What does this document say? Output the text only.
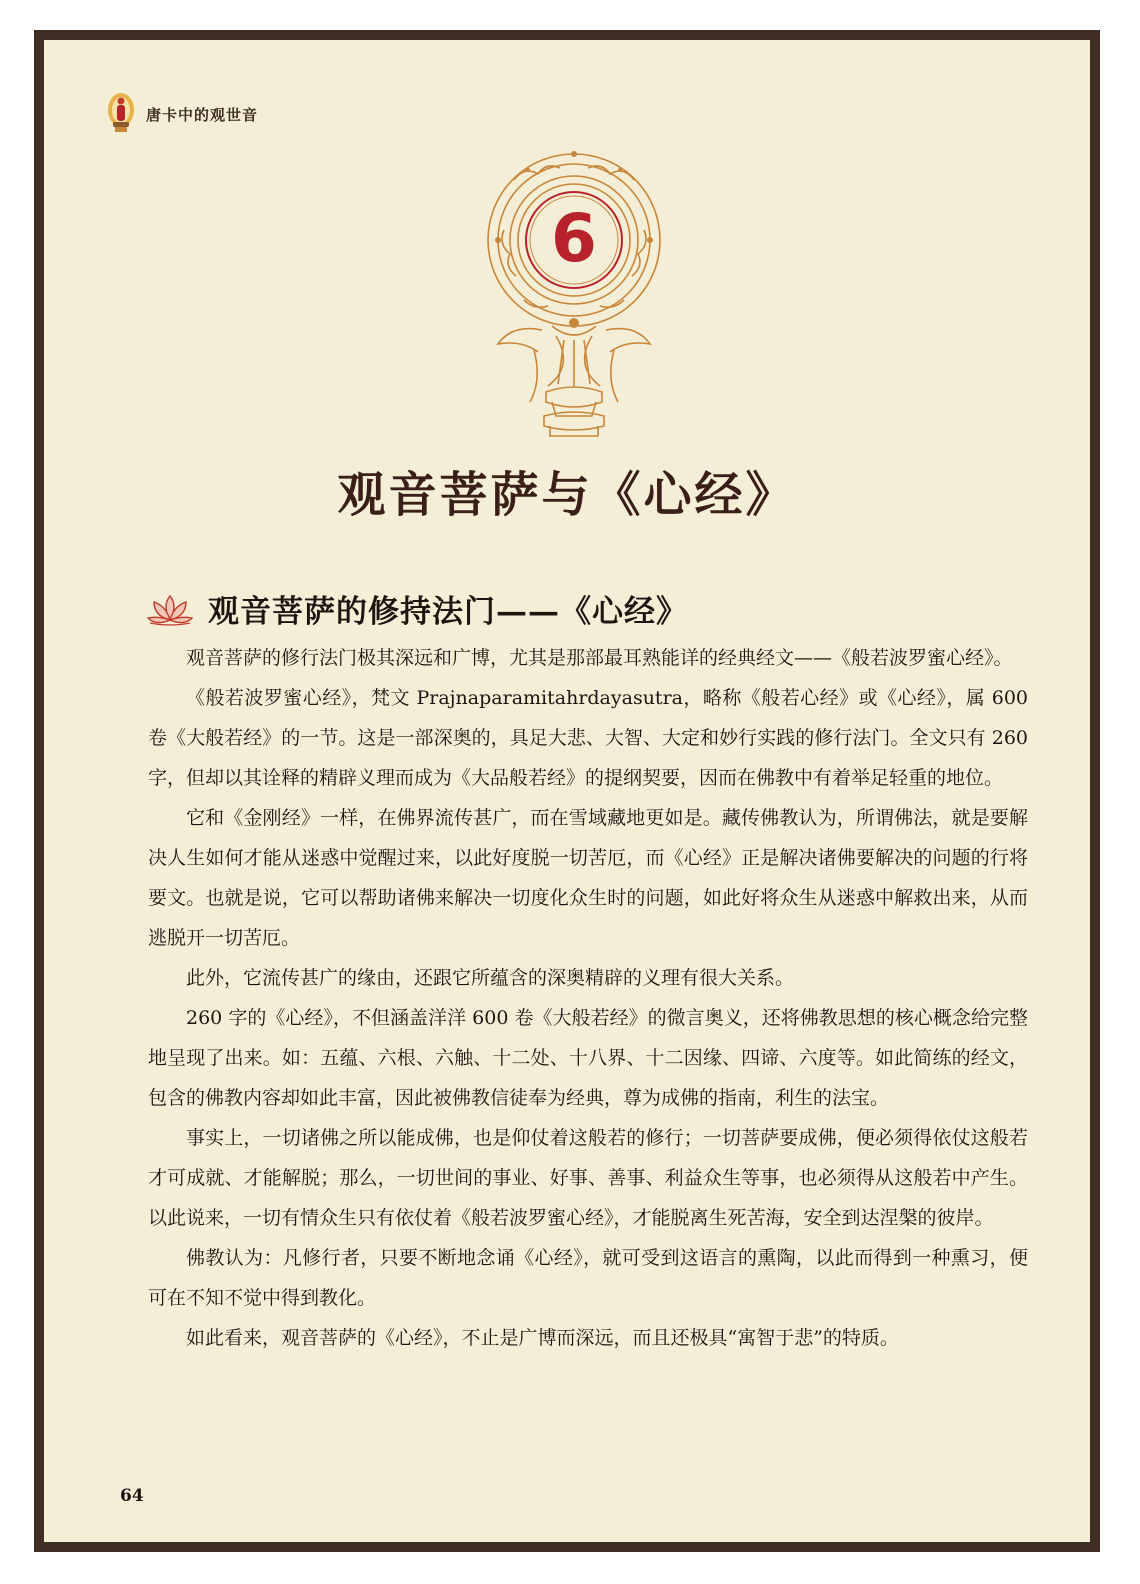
唐卡中的观世音
6
观音菩萨与《心经》
观音菩萨的修持法门——《心经》

观音菩萨的修行法门极其深远和广博，尤其是那部最耳熟能详的经典经文——《般若波罗蜜心经》。

《般若波罗蜜心经》，梵文 Prajnaparamitahrdayasutra，略称《般若心经》或《心经》，属 600 卷《大般若经》的一节。这是一部深奥的，具足大悲、大智、大定和妙行实践的修行法门。全文只有 260 字，但却以其诠释的精辟义理而成为《大品般若经》的提纲契要，因而在佛教中有着举足轻重的地位。

它和《金刚经》一样，在佛界流传甚广，而在雪域藏地更如是。藏传佛教认为，所谓佛法，就是要解决人生如何才能从迷惑中觉醒过来，以此好度脱一切苦厄，而《心经》正是解决诸佛要解决的问题的行将要文。也就是说，它可以帮助诸佛来解决一切度化众生时的问题，如此好将众生从迷惑中解救出来，从而逃脱开一切苦厄。

此外，它流传甚广的缘由，还跟它所蕴含的深奥精辟的义理有很大关系。

260 字的《心经》，不但涵盖洋洋 600 卷《大般若经》的微言奥义，还将佛教思想的核心概念给完整地呈现了出来。如：五蕴、六根、六触、十二处、十八界、十二因缘、四谛、六度等。如此简练的经文，包含的佛教内容却如此丰富，因此被佛教信徒奉为经典，尊为成佛的指南，利生的法宝。

事实上，一切诸佛之所以能成佛，也是仰仗着这般若的修行；一切菩萨要成佛，便必须得依仗这般若才可成就、才能解脱；那么，一切世间的事业、好事、善事、利益众生等事，也必须得从这般若中产生。以此说来，一切有情众生只有依仗着《般若波罗蜜心经》，才能脱离生死苦海，安全到达涅槃的彼岸。

佛教认为：凡修行者，只要不断地念诵《心经》，就可受到这语言的熏陶，以此而得到一种熏习，便可在不知不觉中得到教化。

如此看来，观音菩萨的《心经》，不止是广博而深远，而且还极具“寓智于悲”的特质。

64
